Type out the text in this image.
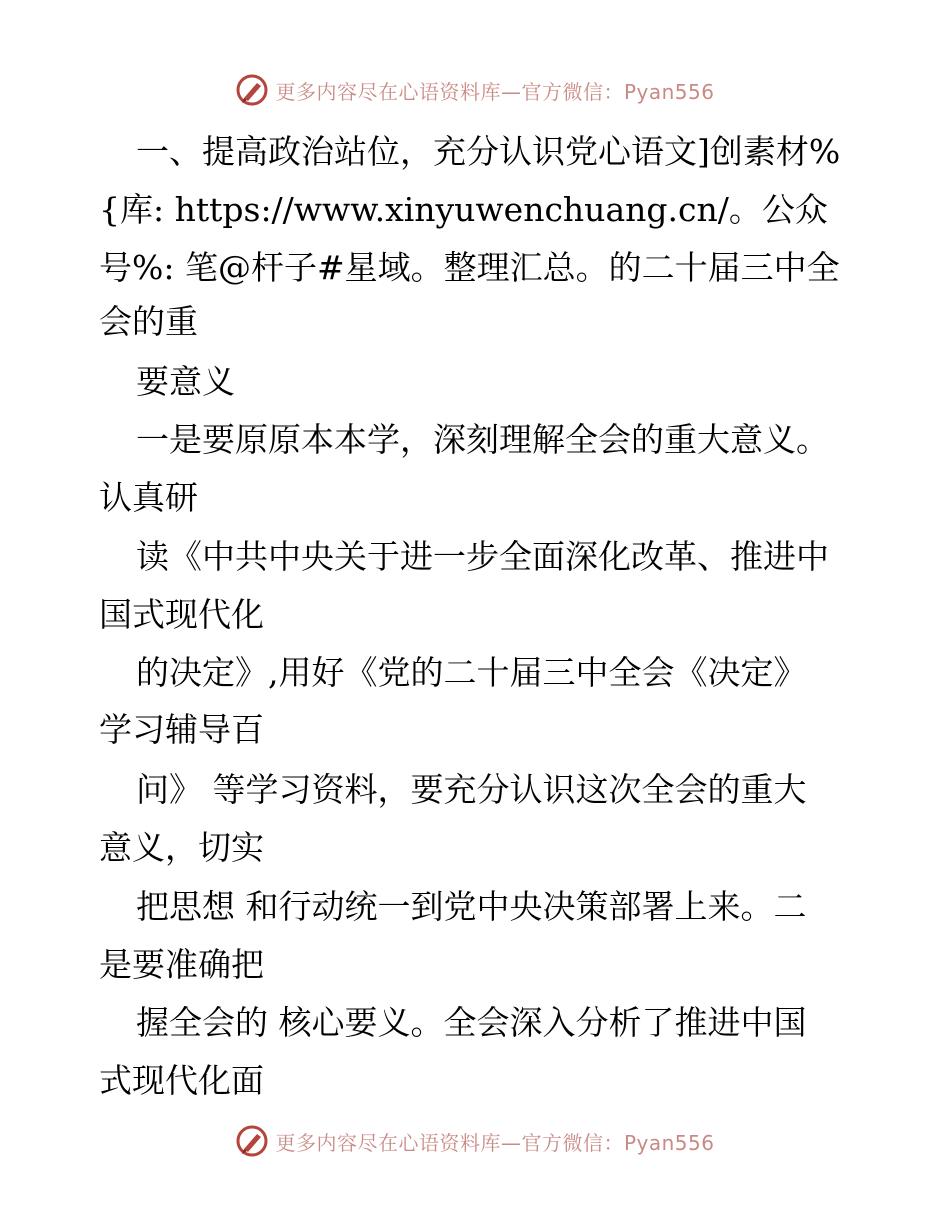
更多内容尽在心语资料库—官方微信：Pyan556
一、提高政治站位，充分认识党心语文]创素材%
{库: https://www.xinyuwenchuang.cn/。公众
号%: 笔@杆子#星域。整理汇总。的二十届三中全
会的重
要意义
一是要原原本本学，深刻理解全会的重大意义。
认真研
读《中共中央关于进一步全面深化改革、推进中
国式现代化
的决定》,用好《党的二十届三中全会《决定》
学习辅导百
问》 等学习资料，要充分认识这次全会的重大
意义，切实
把思想 和行动统一到党中央决策部署上来。二
是要准确把
握全会的 核心要义。全会深入分析了推进中国
式现代化面
更多内容尽在心语资料库—官方微信：Pyan556
